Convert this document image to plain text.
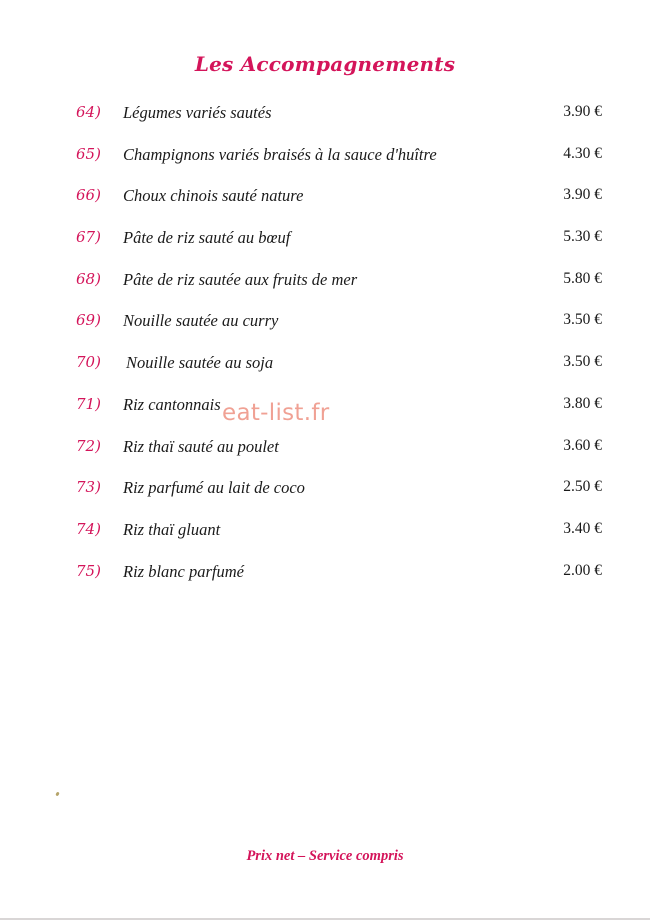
Les Accompagnements
64) Légumes variés sautés	3.90 €
65) Champignons variés braisés à la sauce d'huître	4.30 €
66) Choux chinois sauté nature	3.90 €
67) Pâte de riz sauté au bœuf	5.30 €
68) Pâte de riz sautée aux fruits de mer	5.80 €
69) Nouille sautée au curry	3.50 €
70) Nouille sautée au soja	3.50 €
71) Riz cantonnais	3.80 €
72) Riz thaï sauté au poulet	3.60 €
73) Riz parfumé au lait de coco	2.50 €
74) Riz thaï gluant	3.40 €
75) Riz blanc parfumé	2.00 €
eat-list.fr
Prix net – Service compris
